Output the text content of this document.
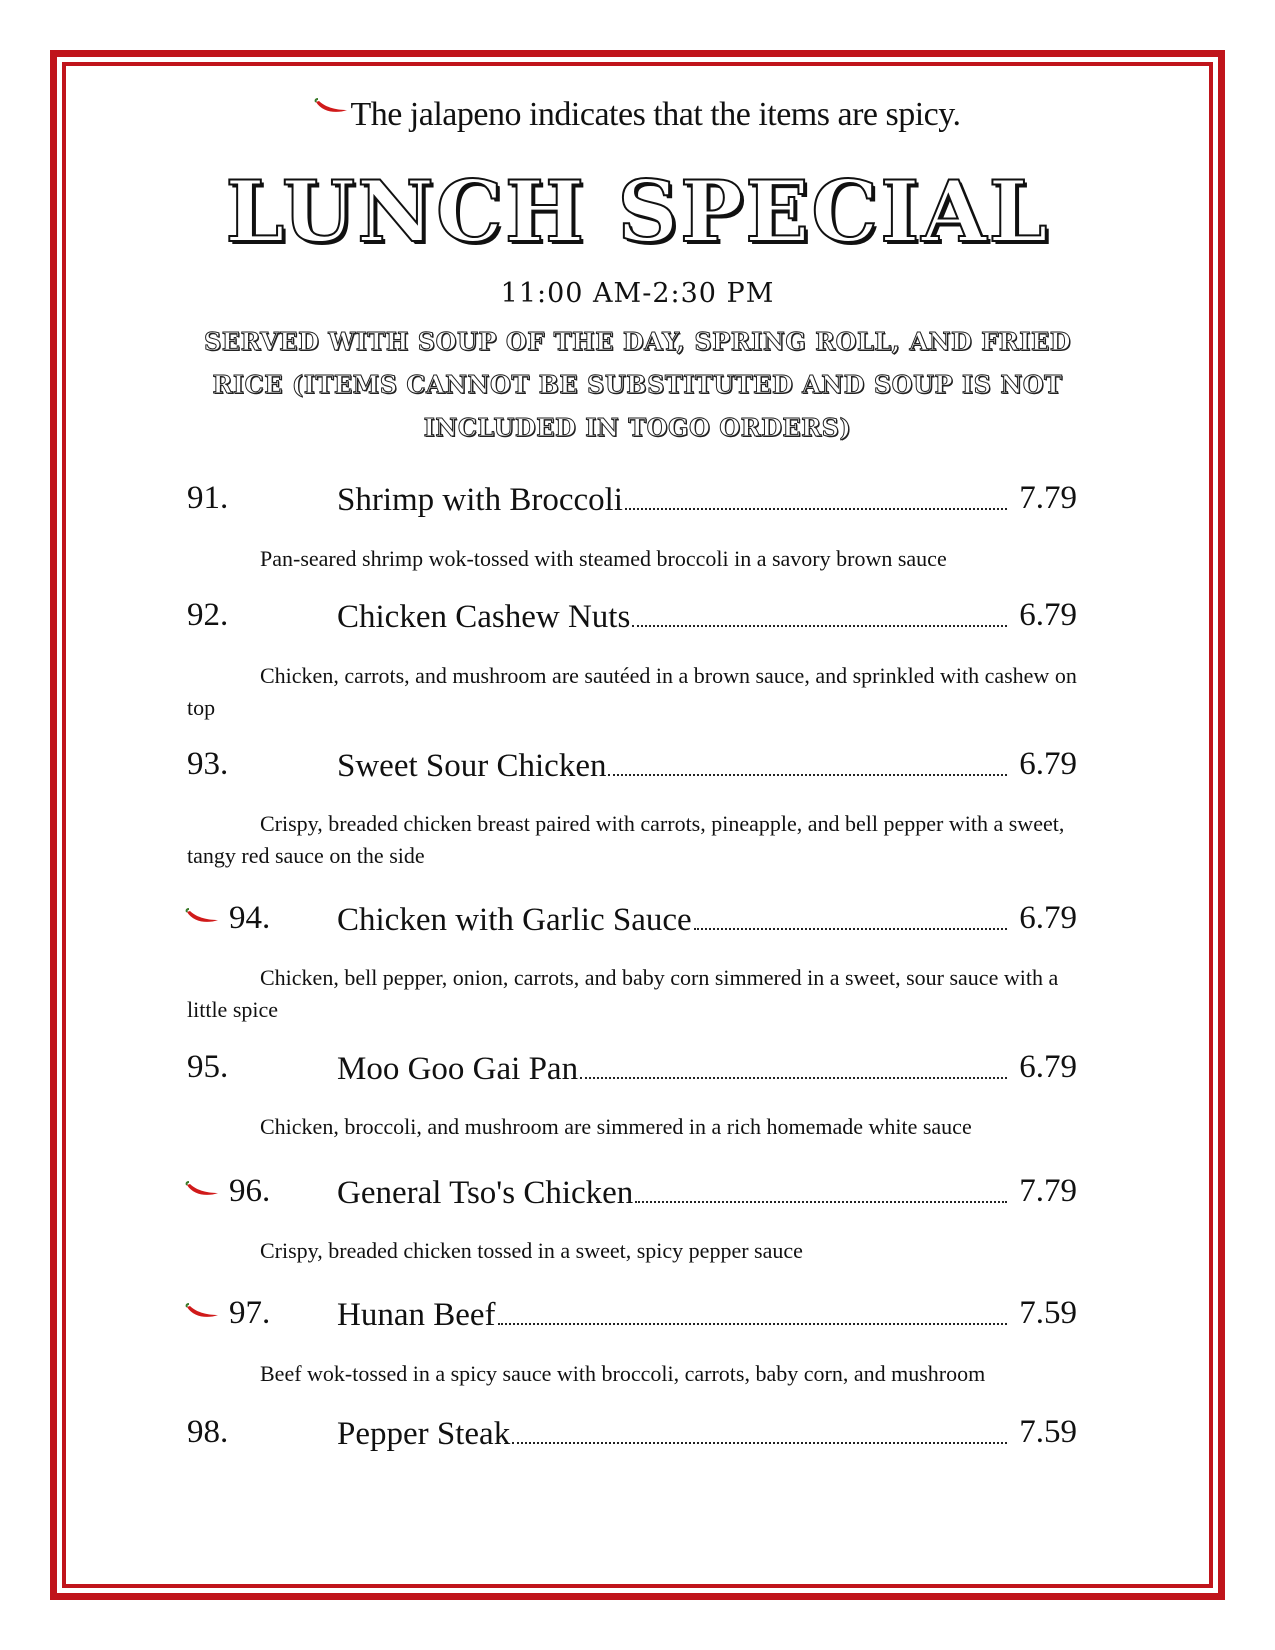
The jalapeno indicates that the items are spicy.
LUNCH SPECIAL
11:00 AM-2:30 PM
SERVED WITH SOUP OF THE DAY, SPRING ROLL, AND FRIED RICE (ITEMS CANNOT BE SUBSTITUTED AND SOUP IS NOT INCLUDED IN TOGO ORDERS)
91.	Shrimp with Broccoli	7.79
Pan-seared shrimp wok-tossed with steamed broccoli in a savory brown sauce
92.	Chicken Cashew Nuts	6.79
Chicken, carrots, and mushroom are sautéed in a brown sauce, and sprinkled with cashew on top
93.	Sweet Sour Chicken	6.79
Crispy, breaded chicken breast paired with carrots, pineapple, and bell pepper with a sweet, tangy red sauce on the side
94. Chicken with Garlic Sauce	6.79
Chicken, bell pepper, onion, carrots, and baby corn simmered in a sweet, sour sauce with a little spice
95.	Moo Goo Gai Pan	6.79
Chicken, broccoli, and mushroom are simmered in a rich homemade white sauce
96. General Tso's Chicken	7.79
Crispy, breaded chicken tossed in a sweet, spicy pepper sauce
97. Hunan Beef	7.59
Beef wok-tossed in a spicy sauce with broccoli, carrots, baby corn, and mushroom
98.	Pepper Steak	7.59
